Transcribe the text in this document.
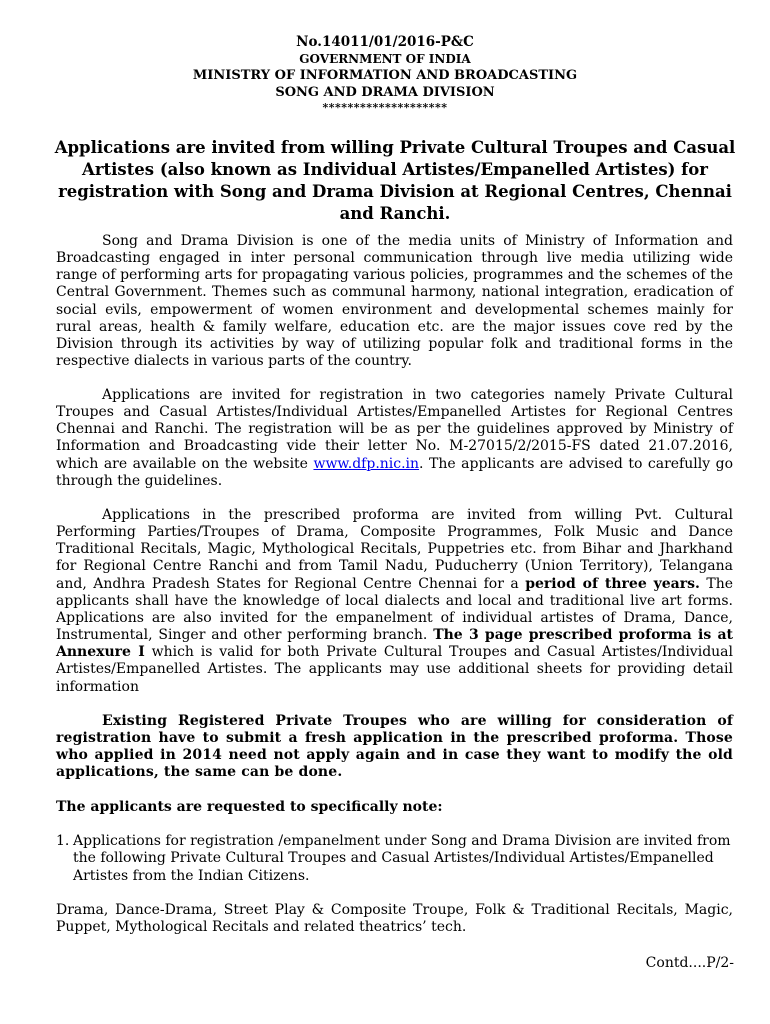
No.14011/01/2016-P&C
GOVERNMENT OF INDIA
MINISTRY OF INFORMATION AND BROADCASTING
SONG AND DRAMA DIVISION
********************
Applications are invited from willing Private Cultural Troupes and Casual Artistes (also known as Individual Artistes/Empanelled Artistes) for registration with Song and Drama Division at Regional Centres, Chennai and Ranchi.
Song and Drama Division is one of the media units of Ministry of Information and Broadcasting engaged in inter personal communication through live media utilizing wide range of performing arts for propagating various policies, programmes and the schemes of the Central Government. Themes such as communal harmony, national integration, eradication of social evils, empowerment of women environment and developmental schemes mainly for rural areas, health & family welfare, education etc. are the major issues cove red by the Division through its activities by way of utilizing popular folk and traditional forms in the respective dialects in various parts of the country.
Applications are invited for registration in two categories namely Private Cultural Troupes and Casual Artistes/Individual Artistes/Empanelled Artistes for Regional Centres Chennai and Ranchi. The registration will be as per the guidelines approved by Ministry of Information and Broadcasting vide their letter No. M-27015/2/2015-FS dated 21.07.2016, which are available on the website www.dfp.nic.in. The applicants are advised to carefully go through the guidelines.
Applications in the prescribed proforma are invited from willing Pvt. Cultural Performing Parties/Troupes of Drama, Composite Programmes, Folk Music and Dance Traditional Recitals, Magic, Mythological Recitals, Puppetries etc. from Bihar and Jharkhand for Regional Centre Ranchi and from Tamil Nadu, Puducherry (Union Territory), Telangana and, Andhra Pradesh States for Regional Centre Chennai for a period of three years. The applicants shall have the knowledge of local dialects and local and traditional live art forms. Applications are also invited for the empanelment of individual artistes of Drama, Dance, Instrumental, Singer and other performing branch. The 3 page prescribed proforma is at Annexure I which is valid for both Private Cultural Troupes and Casual Artistes/Individual Artistes/Empanelled Artistes. The applicants may use additional sheets for providing detail information
Existing Registered Private Troupes who are willing for consideration of registration have to submit a fresh application in the prescribed proforma. Those who applied in 2014 need not apply again and in case they want to modify the old applications, the same can be done.
The applicants are requested to specifically note:
1. Applications for registration /empanelment under Song and Drama Division are invited from the following Private Cultural Troupes and Casual Artistes/Individual Artistes/Empanelled Artistes from the Indian Citizens.
Drama, Dance-Drama, Street Play & Composite Troupe, Folk & Traditional Recitals, Magic, Puppet, Mythological Recitals and related theatrics’ tech.
Contd....P/2-
